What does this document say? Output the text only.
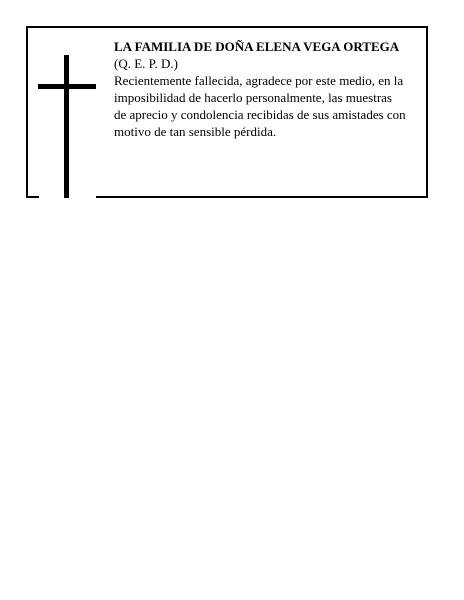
LA FAMILIA DE DOÑA ELENA VEGA ORTEGA

(Q. E. P. D.)

Recientemente fallecida, agradece por este medio, en la
imposibilidad de hacerlo personalmente, las muestras
de aprecio y condolencia recibidas de sus amistades con
motivo de tan sensible pérdida.
